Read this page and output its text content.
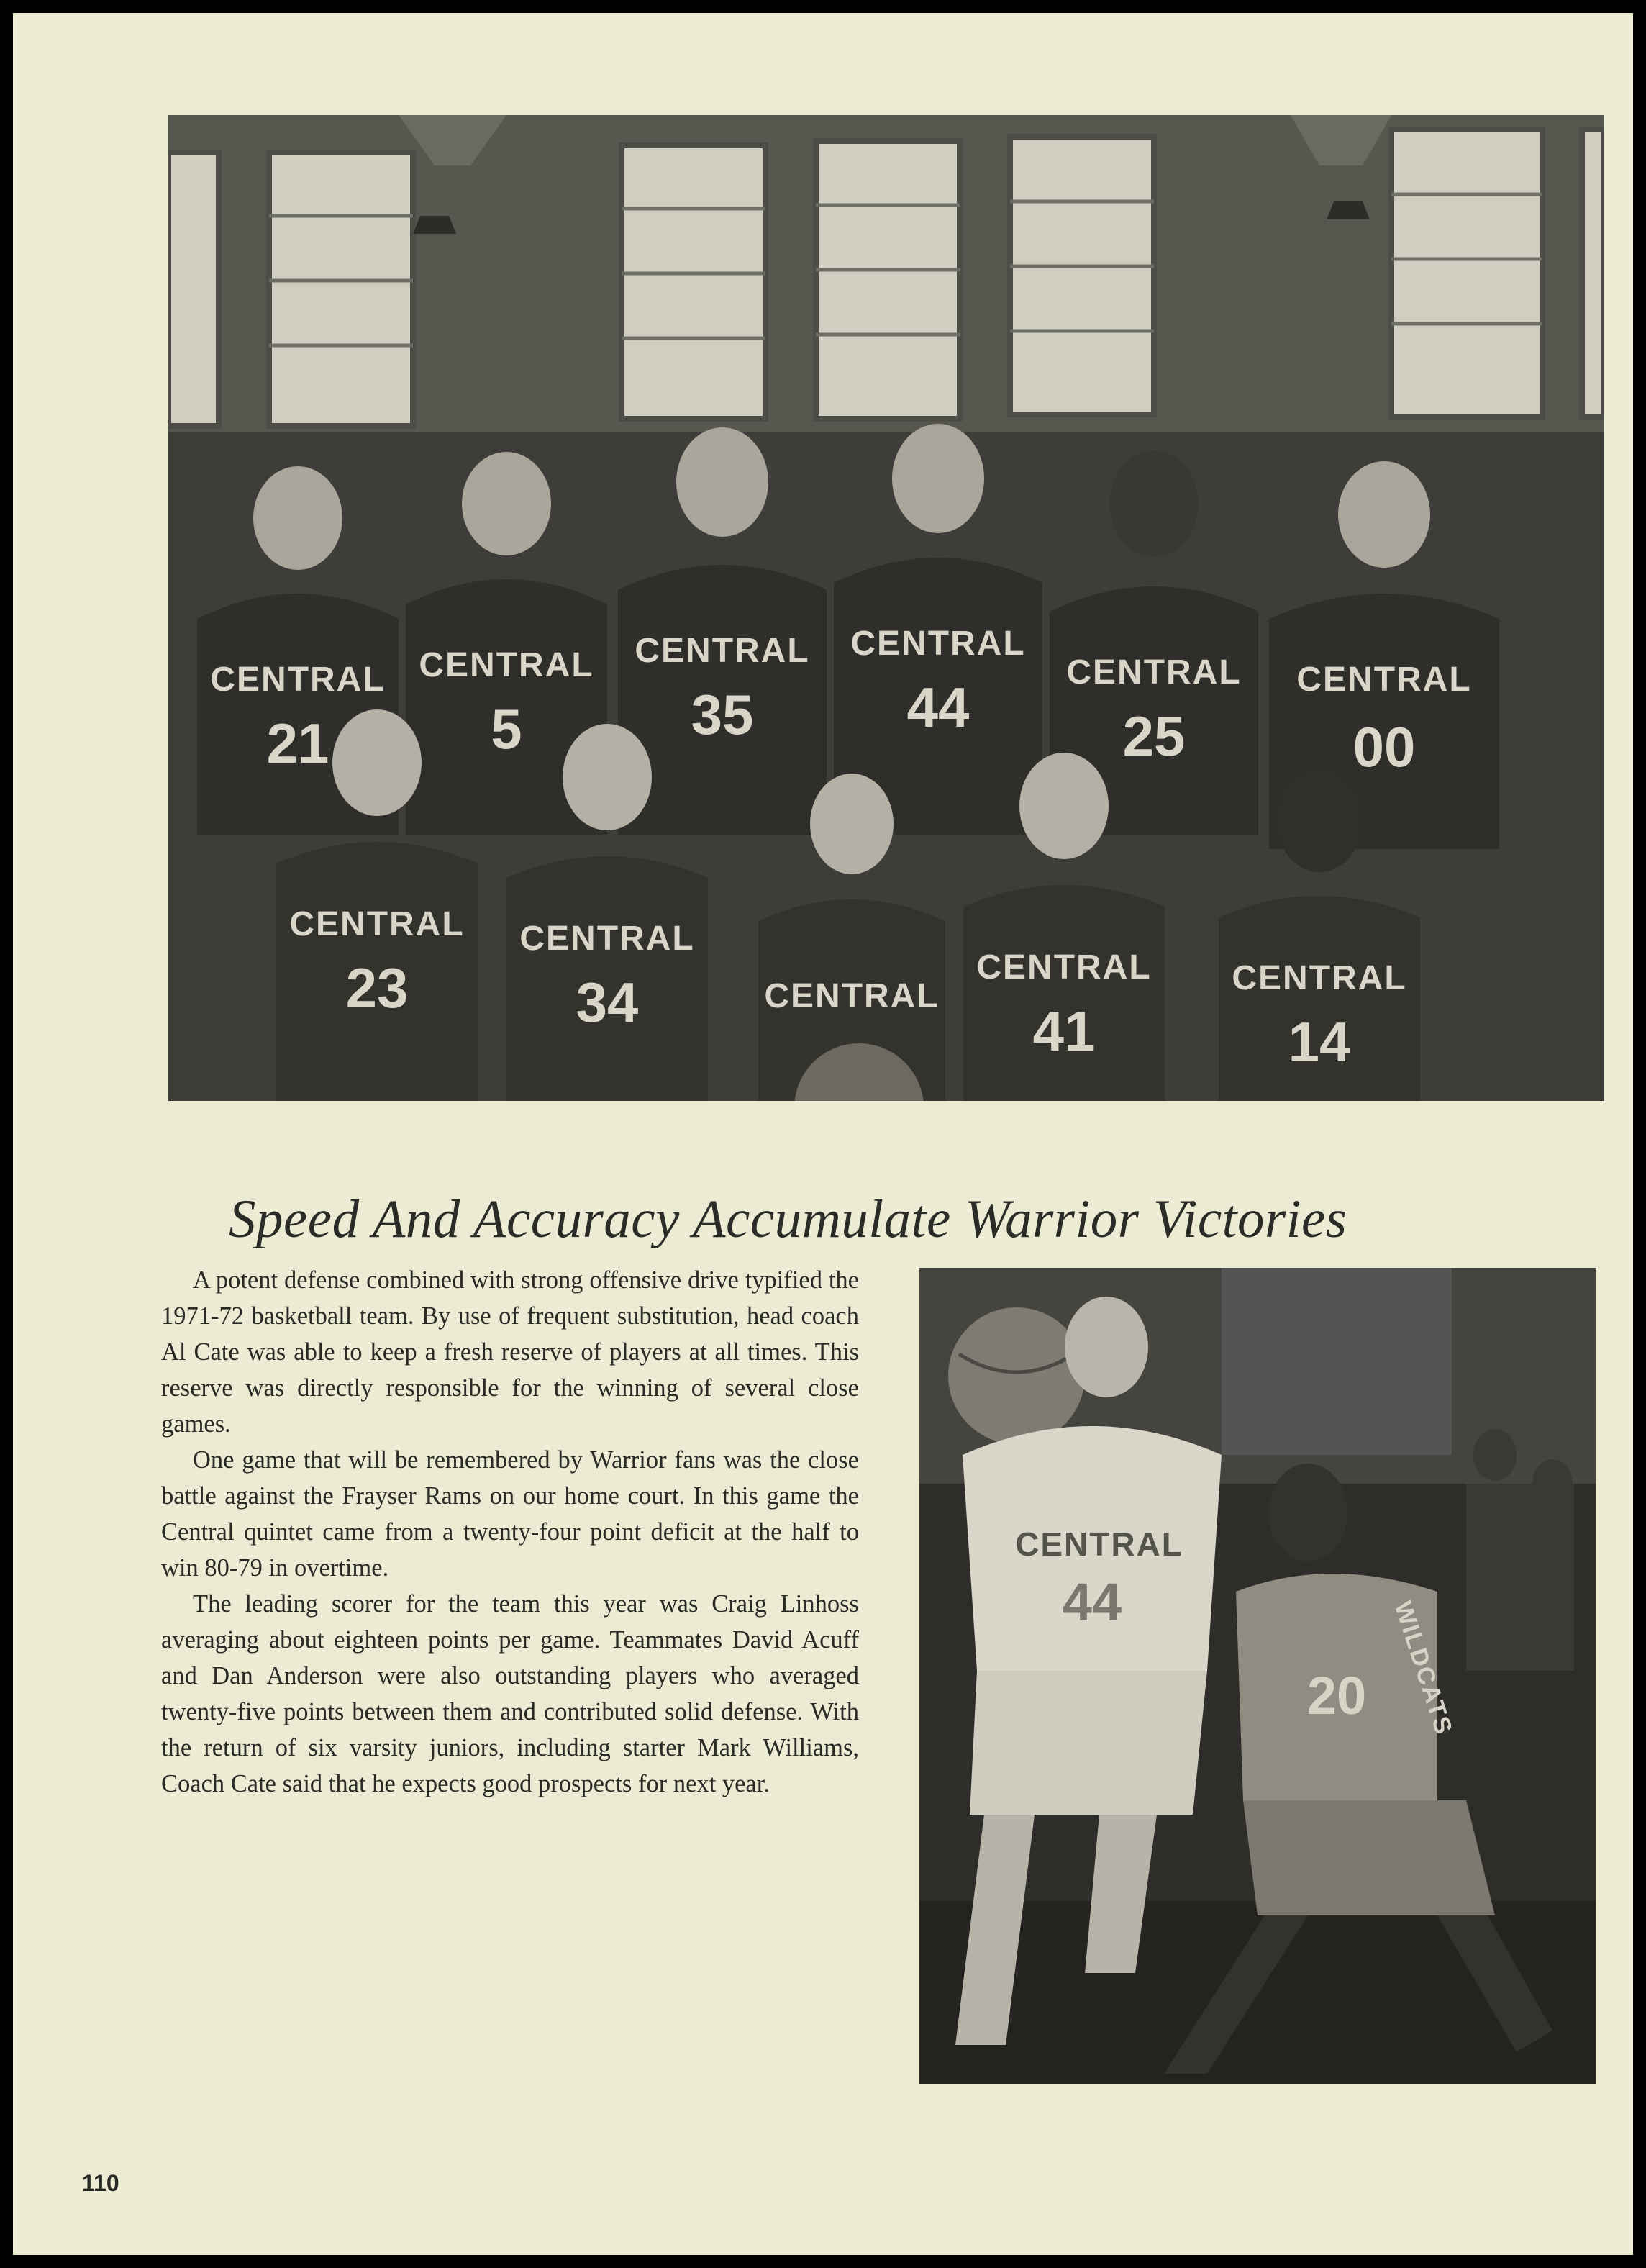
CENTRAL
21
CENTRAL
5
CENTRAL
35
CENTRAL
44
CENTRAL
25
CENTRAL
00
CENTRAL
23
CENTRAL
34	CENTRAL
CENTRAL
41
CENTRAL
14
Speed And Accuracy Accumulate Warrior Victories

A potent defense combined with strong offensive drive typified the 1971-72 basketball team. By use of frequent substitution, head coach Al Cate was able to keep a fresh reserve of players at all times. This reserve was directly responsible for the winning of several close games.

One game that will be remembered by Warrior fans was the close battle against the Frayser Rams on our home court. In this game the Central quintet came from a twenty-four point deficit at the half to win 80-79 in overtime.

The leading scorer for the team this year was Craig Linhoss averaging about eighteen points per game. Teammates David Acuff and Dan Anderson were also outstanding players who averaged twenty-five points between them and contributed solid defense. With the return of six varsity juniors, including starter Mark Williams, Coach Cate said that he expects good prospects for next year.

CENTRAL
44
20 WILDCATS
110
